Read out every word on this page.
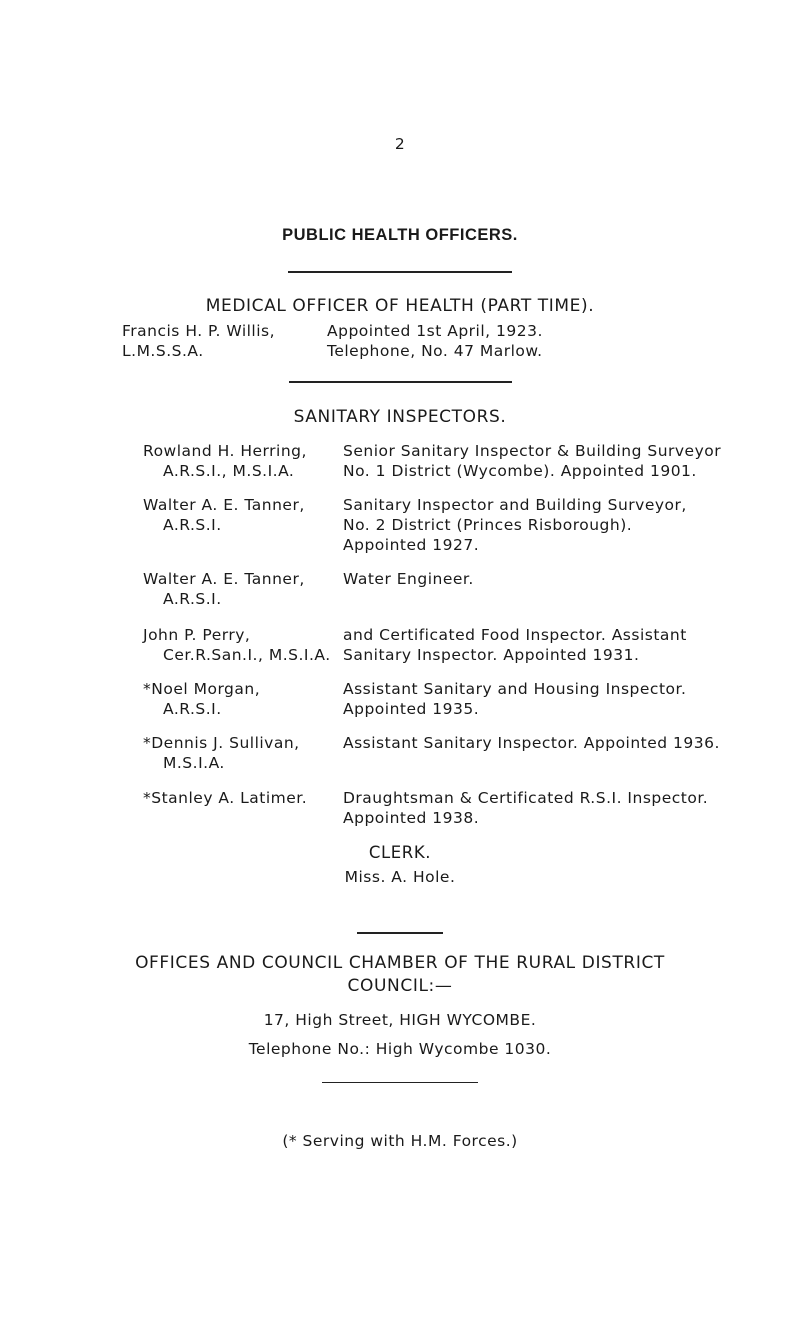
2
PUBLIC HEALTH OFFICERS.
MEDICAL OFFICER OF HEALTH (PART TIME).
Francis H. P. Willis,
L.M.S.S.A.
Appointed 1st April, 1923.
Telephone, No. 47 Marlow.
SANITARY INSPECTORS.
Rowland H. Herring,
A.R.S.I., M.S.I.A.
Senior Sanitary Inspector & Building Surveyor
No. 1 District (Wycombe). Appointed 1901.
Walter A. E. Tanner,
A.R.S.I.
Sanitary Inspector and Building Surveyor,
No. 2 District (Princes Risborough).
Appointed 1927.
Walter A. E. Tanner,
A.R.S.I.
Water Engineer.
John P. Perry,
Cer.R.San.I., M.S.I.A.
and Certificated Food Inspector. Assistant
Sanitary Inspector. Appointed 1931.
*Noel Morgan,
A.R.S.I.
Assistant Sanitary and Housing Inspector.
Appointed 1935.
*Dennis J. Sullivan,
M.S.I.A.
Assistant Sanitary Inspector. Appointed 1936.
*Stanley A. Latimer. Draughtsman & Certificated R.S.I. Inspector.
Appointed 1938.
CLERK.
Miss. A. Hole.
OFFICES AND COUNCIL CHAMBER OF THE RURAL DISTRICT
COUNCIL:—
17, High Street, HIGH WYCOMBE.
Telephone No.: High Wycombe 1030.
(* Serving with H.M. Forces.)
